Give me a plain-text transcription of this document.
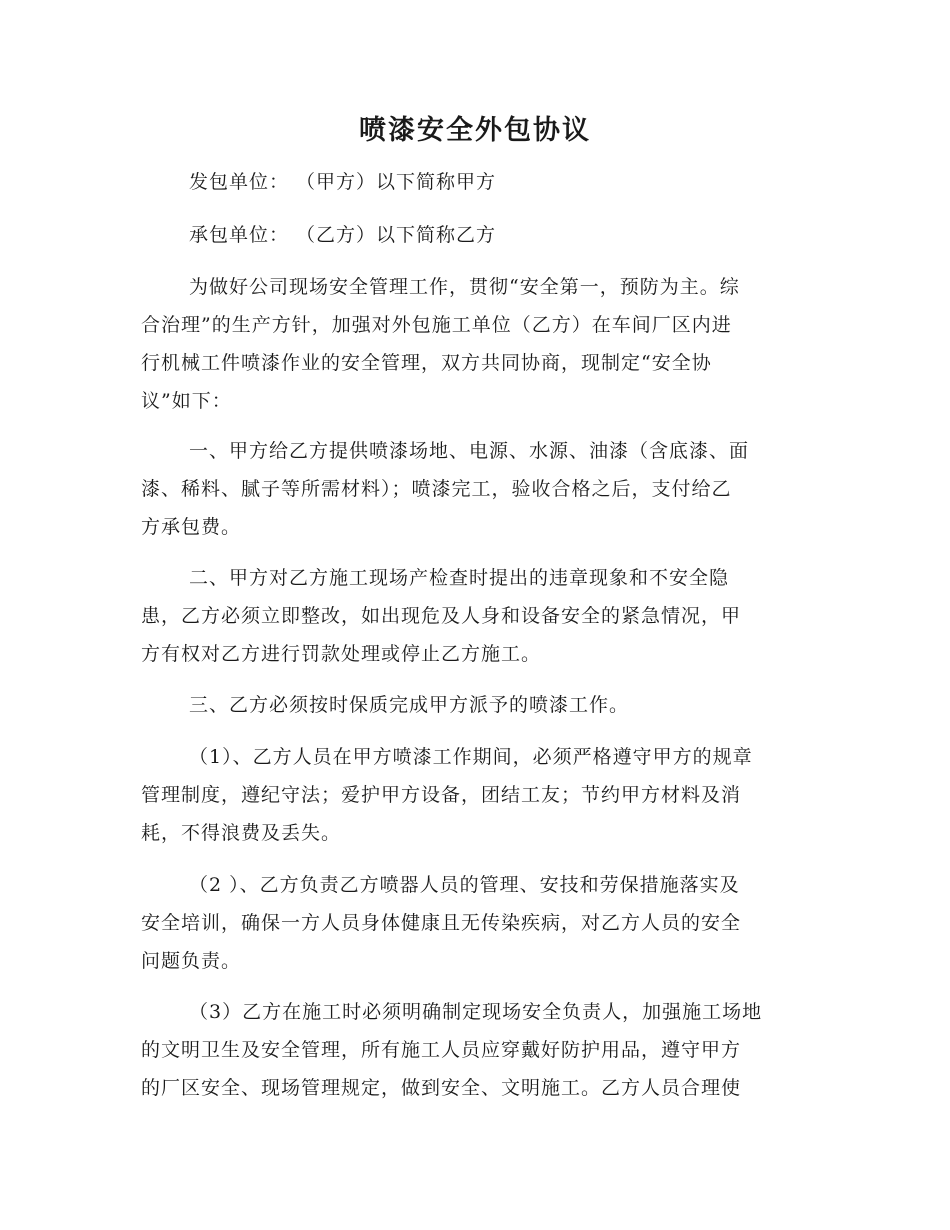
喷漆安全外包协议

发包单位： （甲方）以下简称甲方

承包单位： （乙方）以下简称乙方

为做好公司现场安全管理工作，贯彻“安全第一，预防为主。综
合治理”的生产方针，加强对外包施工单位（乙方）在车间厂区内进
行机械工件喷漆作业的安全管理，双方共同协商，现制定“安全协
议”如下：

一、甲方给乙方提供喷漆场地、电源、水源、油漆（含底漆、面
漆、稀料、腻子等所需材料）；喷漆完工，验收合格之后，支付给乙
方承包费。

二、甲方对乙方施工现场产检查时提出的违章现象和不安全隐
患，乙方必须立即整改，如出现危及人身和设备安全的紧急情况，甲
方有权对乙方进行罚款处理或停止乙方施工。

三、乙方必须按时保质完成甲方派予的喷漆工作。

（1）、乙方人员在甲方喷漆工作期间，必须严格遵守甲方的规章
管理制度，遵纪守法；爱护甲方设备，团结工友；节约甲方材料及消
耗，不得浪费及丢失。

（2 ）、乙方负责乙方喷器人员的管理、安技和劳保措施落实及
安全培训，确保一方人员身体健康且无传染疾病，对乙方人员的安全
问题负责。

（3）乙方在施工时必须明确制定现场安全负责人，加强施工场地
的文明卫生及安全管理，所有施工人员应穿戴好防护用品，遵守甲方
的厂区安全、现场管理规定，做到安全、文明施工。乙方人员合理使
